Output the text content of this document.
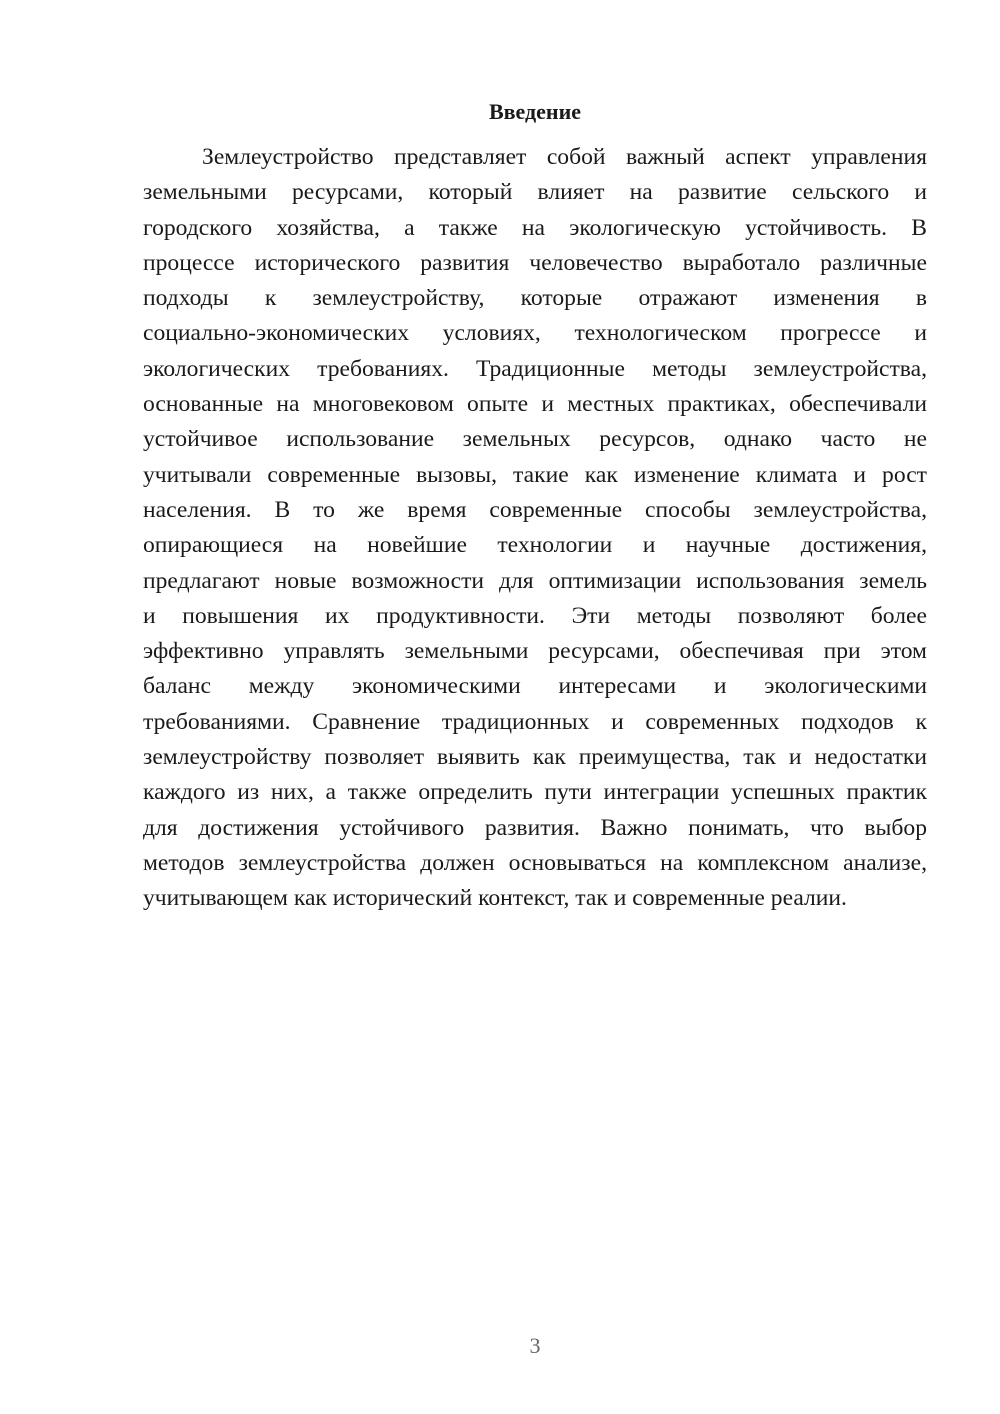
Введение
Землеустройство представляет собой важный аспект управления
земельными ресурсами, который влияет на развитие сельского и
городского хозяйства, а также на экологическую устойчивость. В
процессе исторического развития человечество выработало различные
подходы к землеустройству, которые отражают изменения в
социально-экономических условиях, технологическом прогрессе и
экологических требованиях. Традиционные методы землеустройства,
основанные на многовековом опыте и местных практиках, обеспечивали
устойчивое использование земельных ресурсов, однако часто не
учитывали современные вызовы, такие как изменение климата и рост
населения. В то же время современные способы землеустройства,
опирающиеся на новейшие технологии и научные достижения,
предлагают новые возможности для оптимизации использования земель
и повышения их продуктивности. Эти методы позволяют более
эффективно управлять земельными ресурсами, обеспечивая при этом
баланс между экономическими интересами и экологическими
требованиями. Сравнение традиционных и современных подходов к
землеустройству позволяет выявить как преимущества, так и недостатки
каждого из них, а также определить пути интеграции успешных практик
для достижения устойчивого развития. Важно понимать, что выбор
методов землеустройства должен основываться на комплексном анализе,
учитывающем как исторический контекст, так и современные реалии.
3
